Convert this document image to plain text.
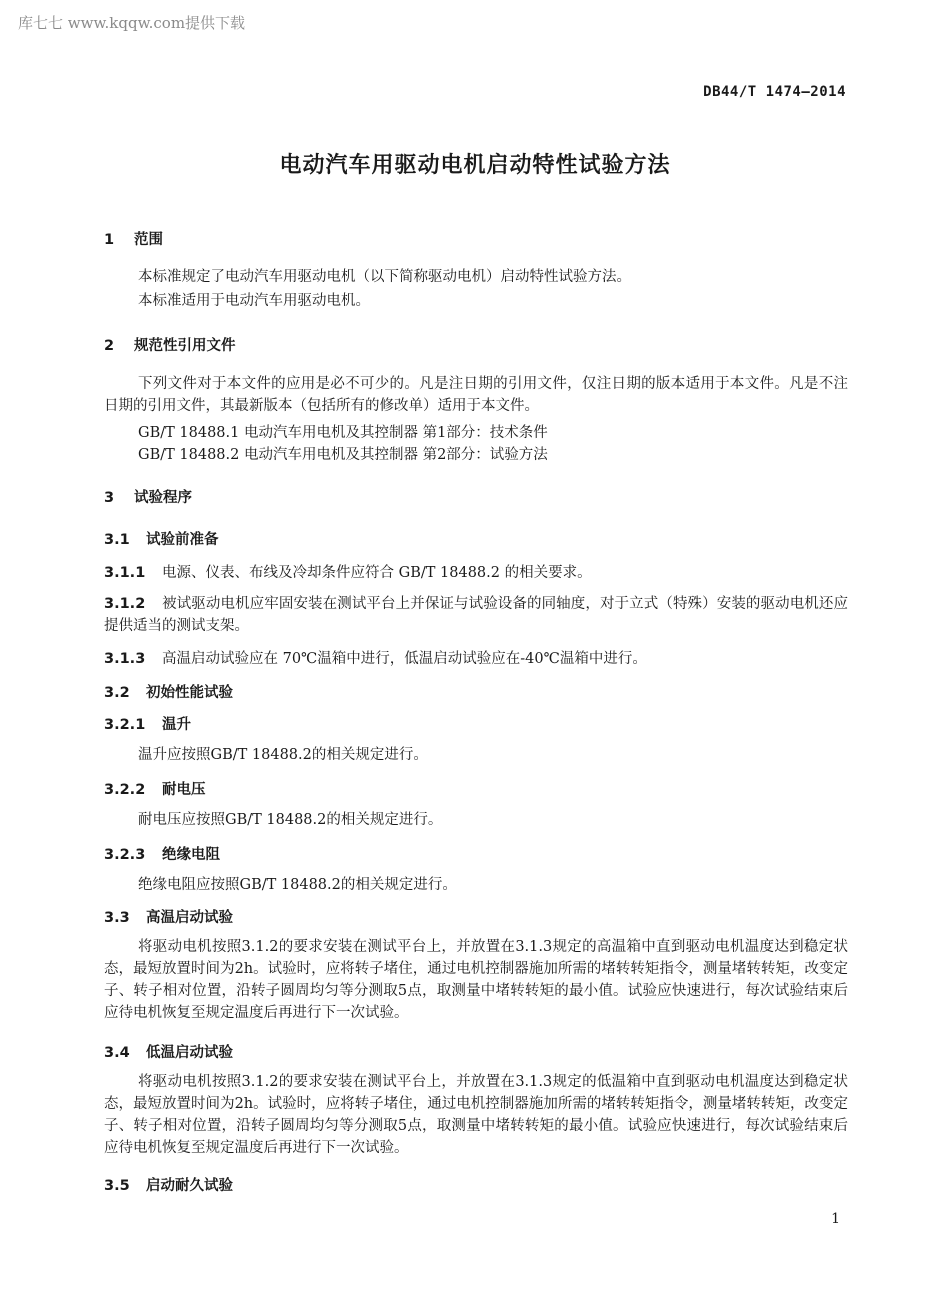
库七七 www.kqqw.com提供下载
DB44/T 1474—2014
电动汽车用驱动电机启动特性试验方法
1 范围
本标准规定了电动汽车用驱动电机（以下简称驱动电机）启动特性试验方法。
本标准适用于电动汽车用驱动电机。
2 规范性引用文件
下列文件对于本文件的应用是必不可少的。凡是注日期的引用文件，仅注日期的版本适用于本文件。凡是不注日期的引用文件，其最新版本（包括所有的修改单）适用于本文件。
GB/T 18488.1 电动汽车用电机及其控制器 第1部分：技术条件
GB/T 18488.2 电动汽车用电机及其控制器 第2部分：试验方法
3 试验程序
3.1 试验前准备
3.1.1 电源、仪表、布线及冷却条件应符合 GB/T 18488.2 的相关要求。
3.1.2 被试驱动电机应牢固安装在测试平台上并保证与试验设备的同轴度，对于立式（特殊）安装的驱动电机还应提供适当的测试支架。
3.1.3 高温启动试验应在 70℃温箱中进行，低温启动试验应在-40℃温箱中进行。
3.2 初始性能试验
3.2.1 温升
温升应按照GB/T 18488.2的相关规定进行。
3.2.2 耐电压
耐电压应按照GB/T 18488.2的相关规定进行。
3.2.3 绝缘电阻
绝缘电阻应按照GB/T 18488.2的相关规定进行。
3.3 高温启动试验
将驱动电机按照3.1.2的要求安装在测试平台上，并放置在3.1.3规定的高温箱中直到驱动电机温度达到稳定状态，最短放置时间为2h。试验时，应将转子堵住，通过电机控制器施加所需的堵转转矩指令，测量堵转转矩，改变定子、转子相对位置，沿转子圆周均匀等分测取5点，取测量中堵转转矩的最小值。试验应快速进行，每次试验结束后应待电机恢复至规定温度后再进行下一次试验。
3.4 低温启动试验
将驱动电机按照3.1.2的要求安装在测试平台上，并放置在3.1.3规定的低温箱中直到驱动电机温度达到稳定状态，最短放置时间为2h。试验时，应将转子堵住，通过电机控制器施加所需的堵转转矩指令，测量堵转转矩，改变定子、转子相对位置，沿转子圆周均匀等分测取5点，取测量中堵转转矩的最小值。试验应快速进行，每次试验结束后应待电机恢复至规定温度后再进行下一次试验。
3.5 启动耐久试验
1
